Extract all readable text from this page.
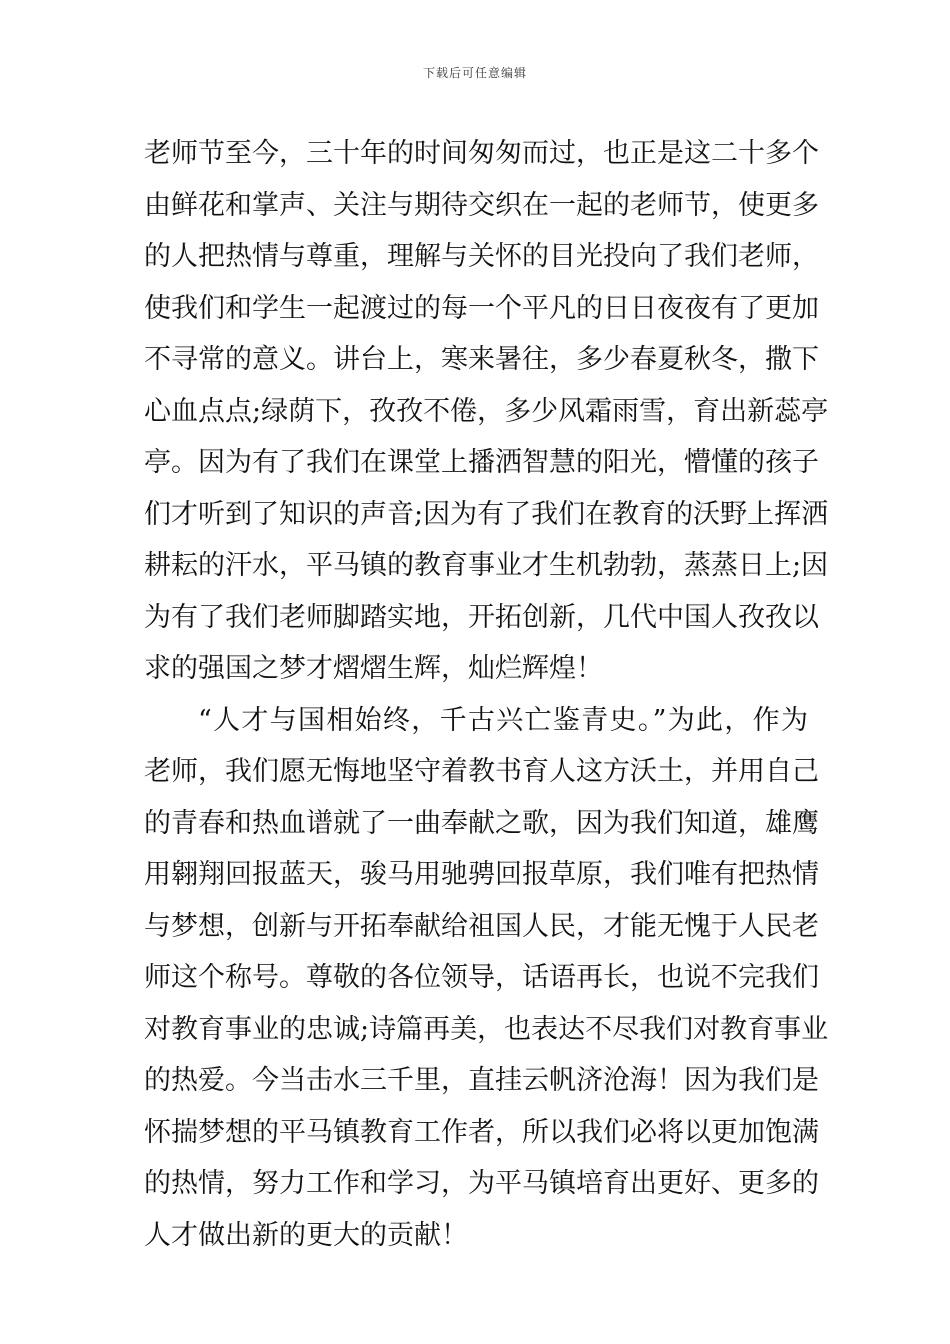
下载后可任意编辑
老师节至今，三十年的时间匆匆而过，也正是这二十多个
由鲜花和掌声、关注与期待交织在一起的老师节，使更多
的人把热情与尊重，理解与关怀的目光投向了我们老师，
使我们和学生一起渡过的每一个平凡的日日夜夜有了更加
不寻常的意义。讲台上，寒来暑往，多少春夏秋冬，撒下
心血点点;绿荫下，孜孜不倦，多少风霜雨雪，育出新蕊亭
亭。因为有了我们在课堂上播洒智慧的阳光，懵懂的孩子
们才听到了知识的声音;因为有了我们在教育的沃野上挥洒
耕耘的汗水，平马镇的教育事业才生机勃勃，蒸蒸日上;因
为有了我们老师脚踏实地，开拓创新，几代中国人孜孜以
求的强国之梦才熠熠生辉，灿烂辉煌！
“人才与国相始终，千古兴亡鉴青史。”为此，作为
老师，我们愿无悔地坚守着教书育人这方沃土，并用自己
的青春和热血谱就了一曲奉献之歌，因为我们知道，雄鹰
用翱翔回报蓝天，骏马用驰骋回报草原，我们唯有把热情
与梦想，创新与开拓奉献给祖国人民，才能无愧于人民老
师这个称号。尊敬的各位领导，话语再长，也说不完我们
对教育事业的忠诚;诗篇再美，也表达不尽我们对教育事业
的热爱。今当击水三千里，直挂云帆济沧海！因为我们是
怀揣梦想的平马镇教育工作者，所以我们必将以更加饱满
的热情，努力工作和学习，为平马镇培育出更好、更多的
人才做出新的更大的贡献！
